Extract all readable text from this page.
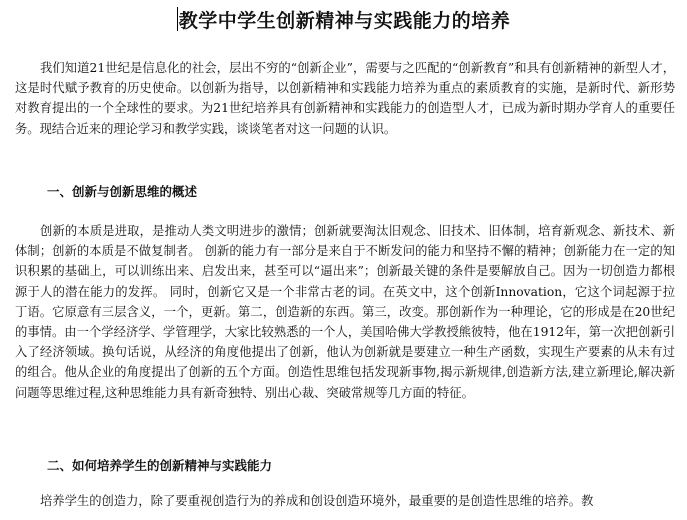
教学中学生创新精神与实践能力的培养

我们知道21世纪是信息化的社会，层出不穷的“创新企业”，需要与之匹配的“创新教育”和具有创新精神的新型人才，这是时代赋予教育的历史使命。以创新为指导，以创新精神和实践能力培养为重点的素质教育的实施，是新时代、新形势对教育提出的一个全球性的要求。为21世纪培养具有创新精神和实践能力的创造型人才，已成为新时期办学育人的重要任务。现结合近来的理论学习和教学实践，谈谈笔者对这一问题的认识。

一、创新与创新思维的概述

创新的本质是进取，是推动人类文明进步的激情；创新就要淘汰旧观念、旧技术、旧体制，培育新观念、新技术、新体制；创新的本质是不做复制者。 创新的能力有一部分是来自于不断发问的能力和坚持不懈的精神；创新能力在一定的知识积累的基础上，可以训练出来、启发出来，甚至可以“逼出来”；创新最关键的条件是要解放自己。因为一切创造力都根源于人的潜在能力的发挥。 同时，创新它又是一个非常古老的词。在英文中，这个创新Innovation，它这个词起源于拉丁语。它原意有三层含义，一个，更新。第二，创造新的东西。第三，改变。那创新作为一种理论，它的形成是在20世纪的事情。由一个学经济学、学管理学，大家比较熟悉的一个人，美国哈佛大学教授熊彼特，他在1912年，第一次把创新引入了经济领域。换句话说，从经济的角度他提出了创新，他认为创新就是要建立一种生产函数，实现生产要素的从未有过的组合。他从企业的角度提出了创新的五个方面。创造性思维包括发现新事物,揭示新规律,创造新方法,建立新理论,解决新问题等思维过程,这种思维能力具有新奇独特、别出心裁、突破常规等几方面的特征。

二、如何培养学生的创新精神与实践能力

培养学生的创造力，除了要重视创造行为的养成和创设创造环境外，最重要的是创造性思维的培养。教
